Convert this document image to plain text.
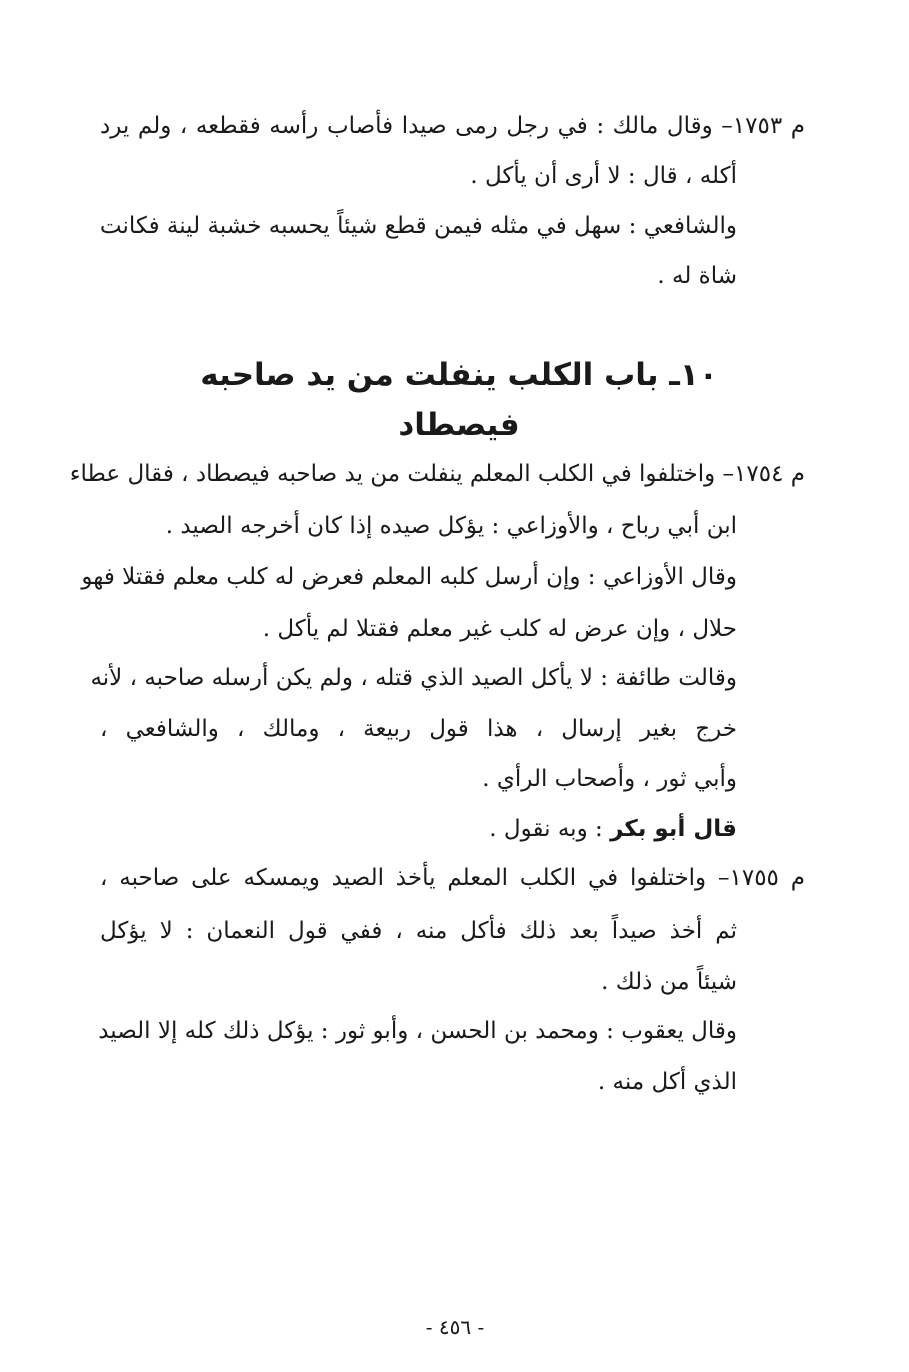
م ١٧٥٣– وقال مالك : في رجل رمى صيدا فأصاب رأسه فقطعه ، ولم يرد
أكله ، قال : لا أرى أن يأكل .
والشافعي : سهل في مثله فيمن قطع شيئاً يحسبه خشبة لينة فكانت
شاة له .
١٠ـ باب الكلب ينفلت من يد صاحبه فيصطاد
م ١٧٥٤– واختلفوا في الكلب المعلم ينفلت من يد صاحبه فيصطاد ، فقال عطاء
ابن أبي رباح ، والأوزاعي : يؤكل صيده إذا كان أخرجه الصيد .
وقال الأوزاعي : وإن أرسل كلبه المعلم فعرض له كلب معلم فقتلا فهو
حلال ، وإن عرض له كلب غير معلم فقتلا لم يأكل .
وقالت طائفة : لا يأكل الصيد الذي قتله ، ولم يكن أرسله صاحبه ، لأنه
خرج بغير إرسال ، هذا قول ربيعة ، ومالك ، والشافعي ،
وأبي ثور ، وأصحاب الرأي .
قال أبو بكر : وبه نقول .
م ١٧٥٥– واختلفوا في الكلب المعلم يأخذ الصيد ويمسكه على صاحبه ،
ثم أخذ صيداً بعد ذلك فأكل منه ، ففي قول النعمان : لا يؤكل
شيئاً من ذلك .
وقال يعقوب : ومحمد بن الحسن ، وأبو ثور : يؤكل ذلك كله إلا الصيد
الذي أكل منه .
- ٤٥٦ -
